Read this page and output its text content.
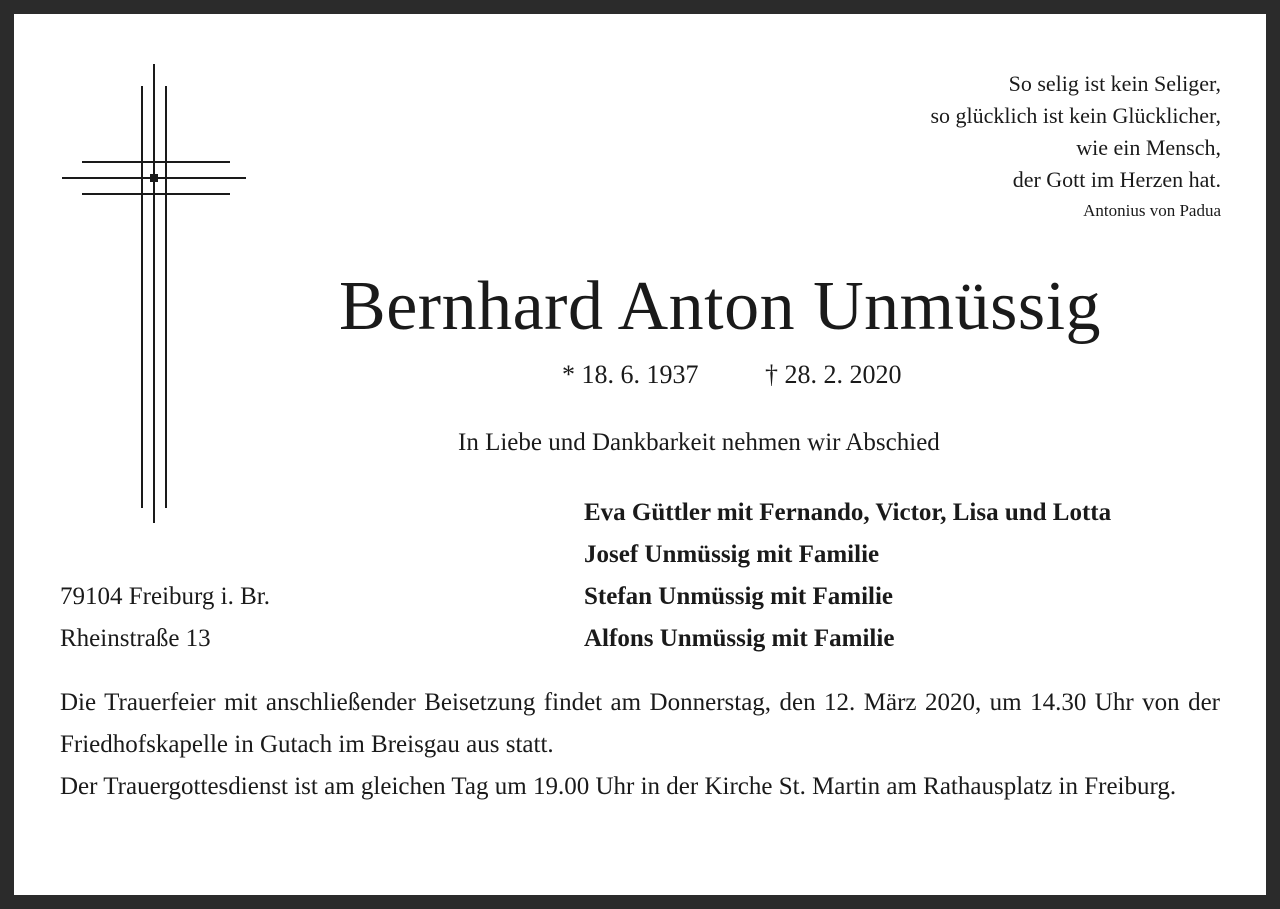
So selig ist kein Seliger,
so glücklich ist kein Glücklicher,
wie ein Mensch,
der Gott im Herzen hat.
Antonius von Padua
Bernhard Anton Unmüssig
* 18. 6. 1937	† 28. 2. 2020
In Liebe und Dankbarkeit nehmen wir Abschied
Eva Güttler mit Fernando, Victor, Lisa und Lotta
Josef Unmüssig mit Familie
Stefan Unmüssig mit Familie
Alfons Unmüssig mit Familie
79104 Freiburg i. Br.
Rheinstraße 13

Die Trauerfeier mit anschließender Beisetzung findet am Donnerstag, den 12. März 2020, um 14.30 Uhr von der Friedhofskapelle in Gutach im Breisgau aus statt.

Der Trauergottesdienst ist am gleichen Tag um 19.00 Uhr in der Kirche St. Martin am Rathausplatz in Freiburg.
